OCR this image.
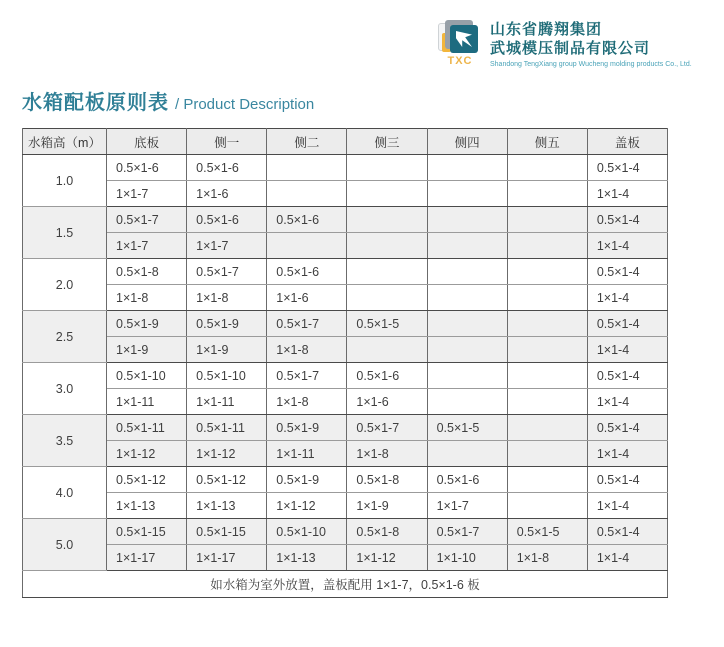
TXC
山东省腾翔集团
武城模压制品有限公司
Shandong TengXiang group Wucheng molding products Co., Ltd.
水箱配板原则表 / Product Description
水箱高（m）	底板	侧一	侧二	侧三	侧四	侧五	盖板
1.0	0.5×1-6	0.5×1-6					0.5×1-4
	1×1-7	1×1-6					1×1-4
1.5	0.5×1-7	0.5×1-6	0.5×1-6				0.5×1-4
	1×1-7	1×1-7					1×1-4
2.0	0.5×1-8	0.5×1-7	0.5×1-6				0.5×1-4
	1×1-8	1×1-8	1×1-6				1×1-4
2.5	0.5×1-9	0.5×1-9	0.5×1-7	0.5×1-5			0.5×1-4
	1×1-9	1×1-9	1×1-8				1×1-4
3.0	0.5×1-10	0.5×1-10	0.5×1-7	0.5×1-6			0.5×1-4
	1×1-11	1×1-11	1×1-8	1×1-6			1×1-4
3.5	0.5×1-11	0.5×1-11	0.5×1-9	0.5×1-7	0.5×1-5		0.5×1-4
	1×1-12	1×1-12	1×1-11	1×1-8			1×1-4
4.0	0.5×1-12	0.5×1-12	0.5×1-9	0.5×1-8	0.5×1-6		0.5×1-4
	1×1-13	1×1-13	1×1-12	1×1-9	1×1-7		1×1-4
5.0	0.5×1-15	0.5×1-15	0.5×1-10	0.5×1-8	0.5×1-7	0.5×1-5	0.5×1-4
	1×1-17	1×1-17	1×1-13	1×1-12	1×1-10	1×1-8	1×1-4
如水箱为室外放置，盖板配用 1×1-7，0.5×1-6 板							
